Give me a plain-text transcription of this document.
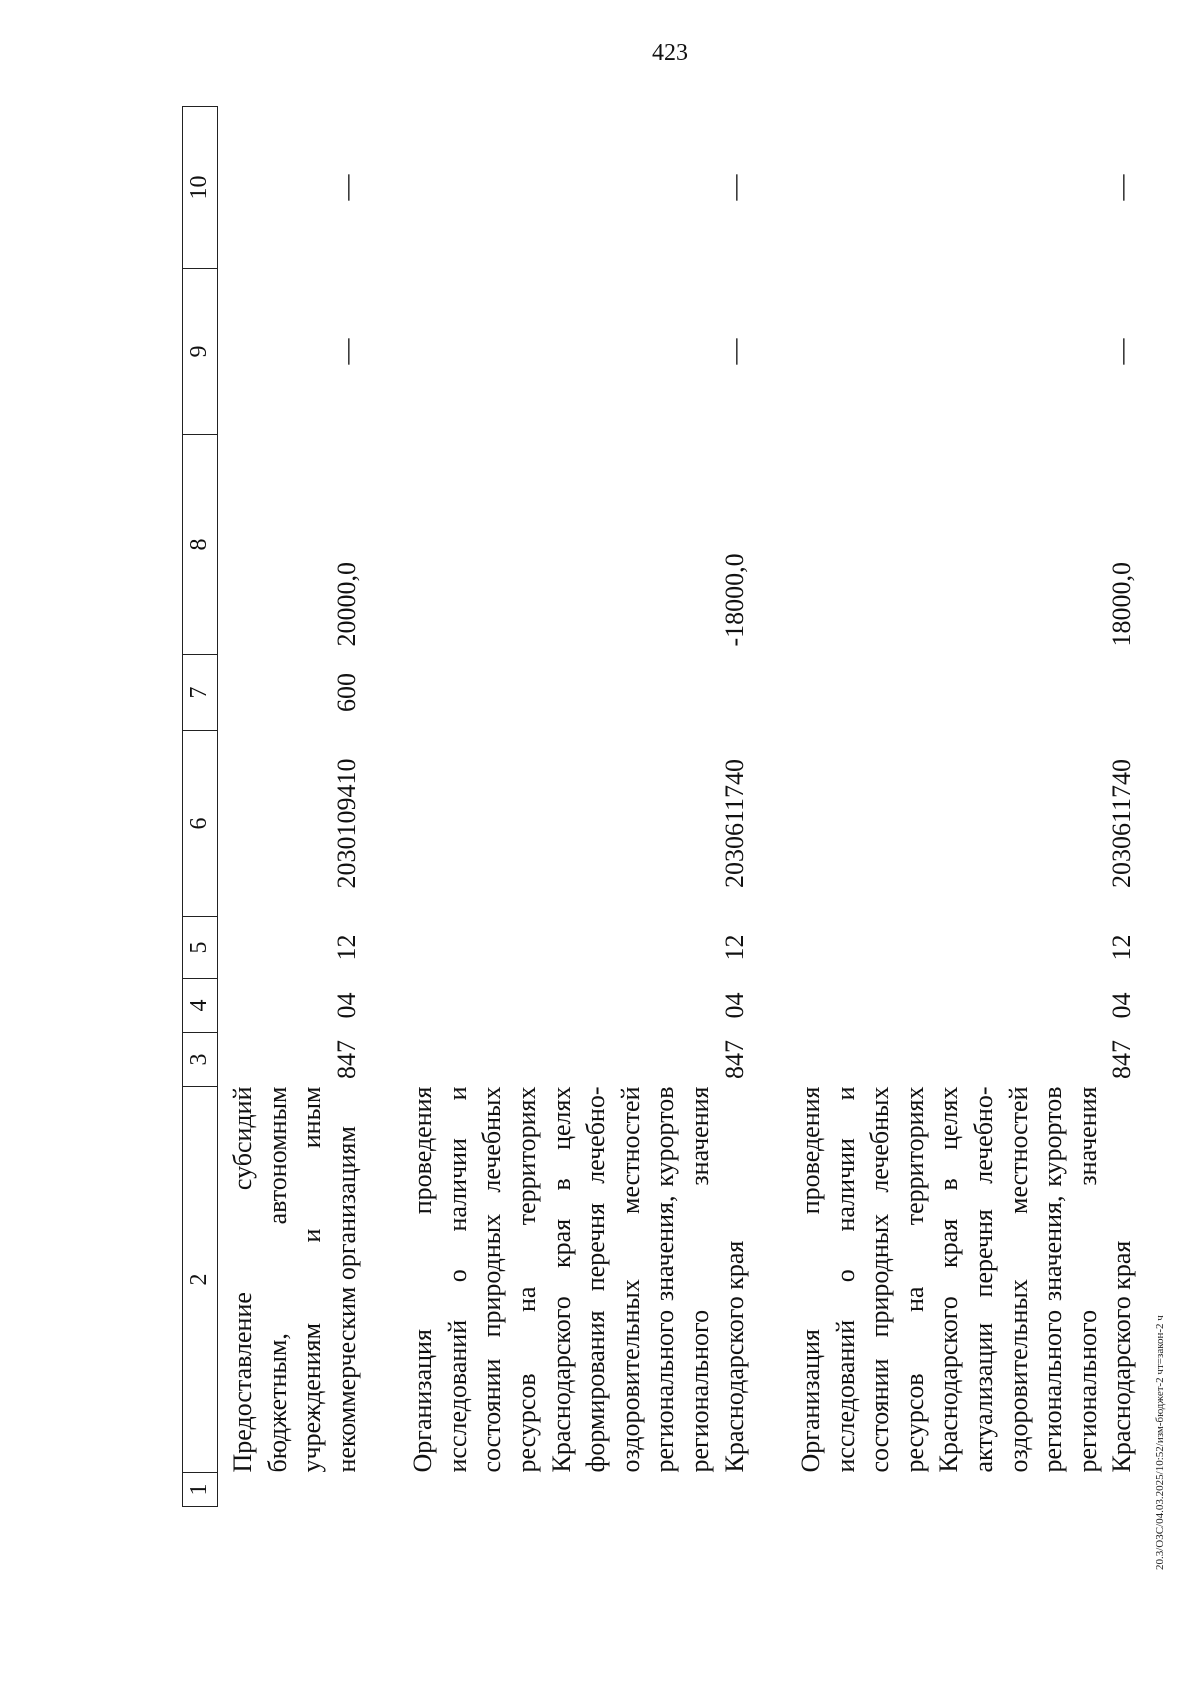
423
1	2	3	4	5	6	7	8	9	10
	Предоставление субсидий бюджетным, автономным учреждениям и иным некоммерческим организациям	847	04	12	2030109410	600	20000,0	—	—

	Организация проведения исследований о наличии и состоянии природных лечебных ресурсов на территориях Краснодарского края в целях формирования перечня лечебно-оздоровительных местностей регионального значения, курортов регионального значения Краснодарского края	847	04	12	2030611740		-18000,0	—	—

	Организация проведения исследований о наличии и состоянии природных лечебных ресурсов на территориях Краснодарского края в целях актуализации перечня лечебно-оздоровительных местностей регионального значения, курортов регионального значения Краснодарского края	847	04	12	2030611740		18000,0	—	—
20.3/ОЗС/04.03.2025/10:52/изм-бюджет-2 чт=закон-2 ч
